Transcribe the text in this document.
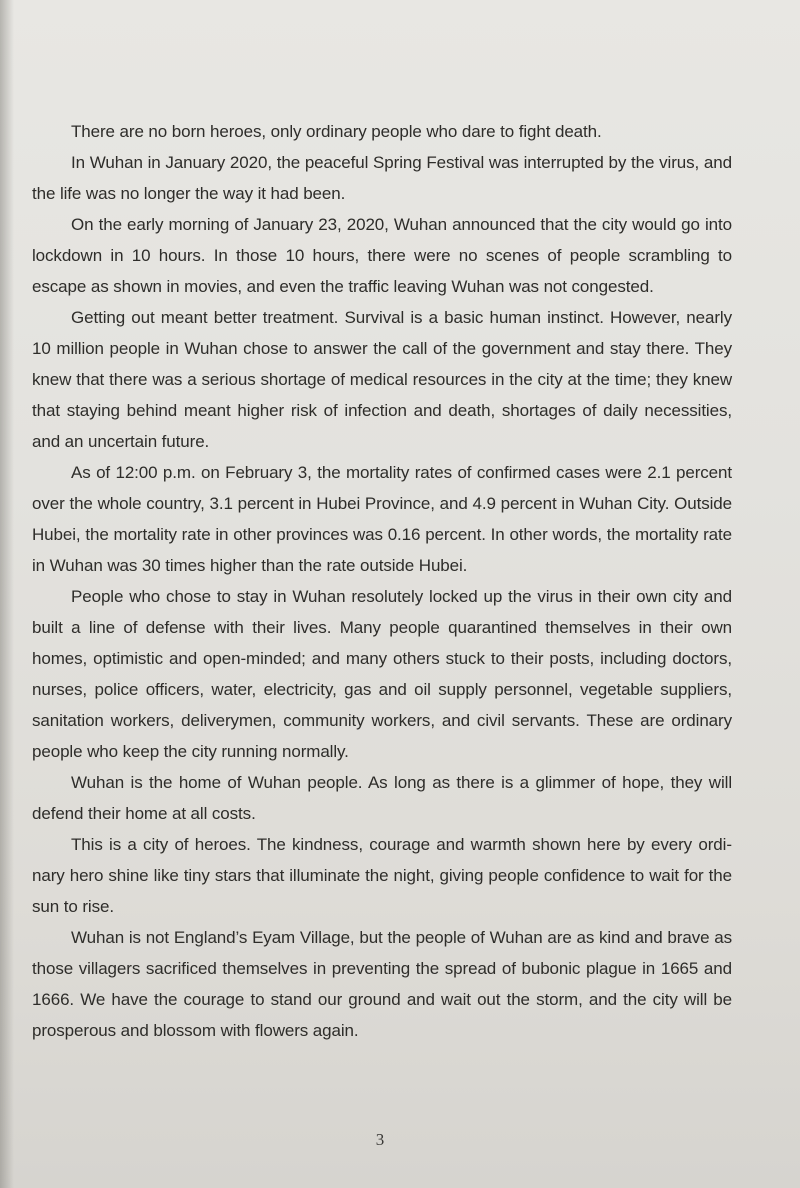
There are no born heroes, only ordinary people who dare to fight death.

In Wuhan in January 2020, the peaceful Spring Festival was interrupted by the virus, and the life was no longer the way it had been.

On the early morning of January 23, 2020, Wuhan announced that the city would go into lockdown in 10 hours. In those 10 hours, there were no scenes of people scrambling to escape as shown in movies, and even the traffic leaving Wuhan was not congested.

Getting out meant better treatment. Survival is a basic human instinct. However, nearly 10 million people in Wuhan chose to answer the call of the government and stay there. They knew that there was a serious shortage of medical resources in the city at the time; they knew that staying behind meant higher risk of infection and death, shortages of daily necessities, and an uncertain future.

As of 12:00 p.m. on February 3, the mortality rates of confirmed cases were 2.1 percent over the whole country, 3.1 percent in Hubei Province, and 4.9 percent in Wuhan City. Outside Hubei, the mortality rate in other provinces was 0.16 percent. In other words, the mortality rate in Wuhan was 30 times higher than the rate outside Hubei.

People who chose to stay in Wuhan resolutely locked up the virus in their own city and built a line of defense with their lives. Many people quarantined themselves in their own homes, optimistic and open-minded; and many others stuck to their posts, including doctors, nurses, police officers, water, electricity, gas and oil supply personnel, vegetable suppliers, sanitation workers, deliverymen, community workers, and civil servants. These are ordinary people who keep the city running normally.

Wuhan is the home of Wuhan people. As long as there is a glimmer of hope, they will defend their home at all costs.

This is a city of heroes. The kindness, courage and warmth shown here by every ordinary hero shine like tiny stars that illuminate the night, giving people confidence to wait for the sun to rise.

Wuhan is not England’s Eyam Village, but the people of Wuhan are as kind and brave as those villagers sacrificed themselves in preventing the spread of bubonic plague in 1665 and 1666. We have the courage to stand our ground and wait out the storm, and the city will be prosperous and blossom with flowers again.

3
